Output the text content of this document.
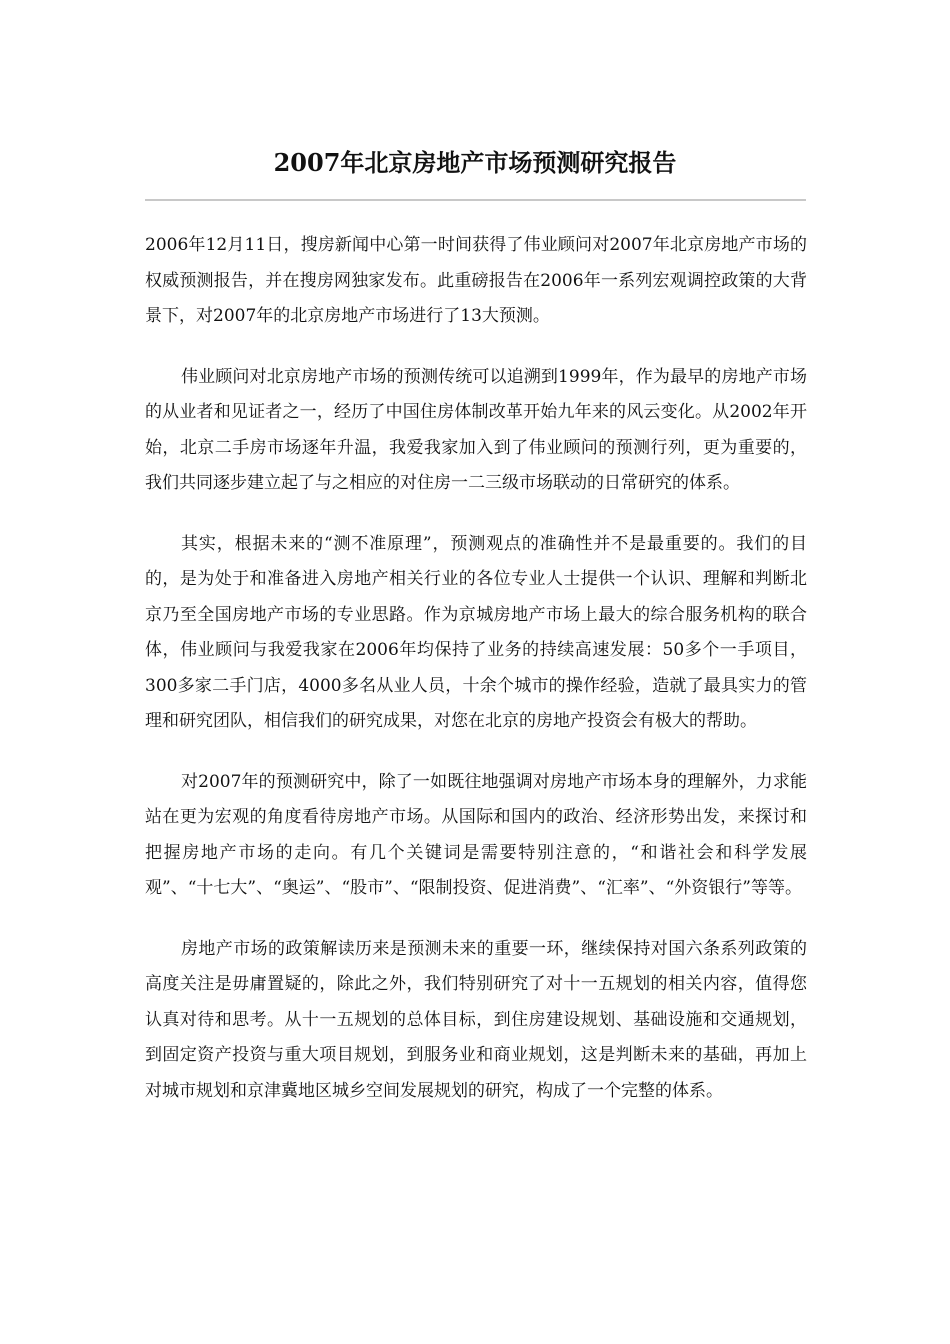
2007年北京房地产市场预测研究报告

2006年12月11日，搜房新闻中心第一时间获得了伟业顾问对2007年北京房地产市场的权威预测报告，并在搜房网独家发布。此重磅报告在2006年一系列宏观调控政策的大背景下，对2007年的北京房地产市场进行了13大预测。

伟业顾问对北京房地产市场的预测传统可以追溯到1999年，作为最早的房地产市场的从业者和见证者之一，经历了中国住房体制改革开始九年来的风云变化。从2002年开始，北京二手房市场逐年升温，我爱我家加入到了伟业顾问的预测行列，更为重要的，我们共同逐步建立起了与之相应的对住房一二三级市场联动的日常研究的体系。

其实，根据未来的“测不准原理”，预测观点的准确性并不是最重要的。我们的目的，是为处于和准备进入房地产相关行业的各位专业人士提供一个认识、理解和判断北京乃至全国房地产市场的专业思路。作为京城房地产市场上最大的综合服务机构的联合体，伟业顾问与我爱我家在2006年均保持了业务的持续高速发展：50多个一手项目，300多家二手门店，4000多名从业人员，十余个城市的操作经验，造就了最具实力的管理和研究团队，相信我们的研究成果，对您在北京的房地产投资会有极大的帮助。

对2007年的预测研究中，除了一如既往地强调对房地产市场本身的理解外，力求能站在更为宏观的角度看待房地产市场。从国际和国内的政治、经济形势出发，来探讨和把握房地产市场的走向。有几个关键词是需要特别注意的，“和谐社会和科学发展观”、“十七大”、“奥运”、“股市”、“限制投资、促进消费”、“汇率”、“外资银行”等等。

房地产市场的政策解读历来是预测未来的重要一环，继续保持对国六条系列政策的高度关注是毋庸置疑的，除此之外，我们特别研究了对十一五规划的相关内容，值得您认真对待和思考。从十一五规划的总体目标，到住房建设规划、基础设施和交通规划，到固定资产投资与重大项目规划，到服务业和商业规划，这是判断未来的基础，再加上对城市规划和京津冀地区城乡空间发展规划的研究，构成了一个完整的体系。
